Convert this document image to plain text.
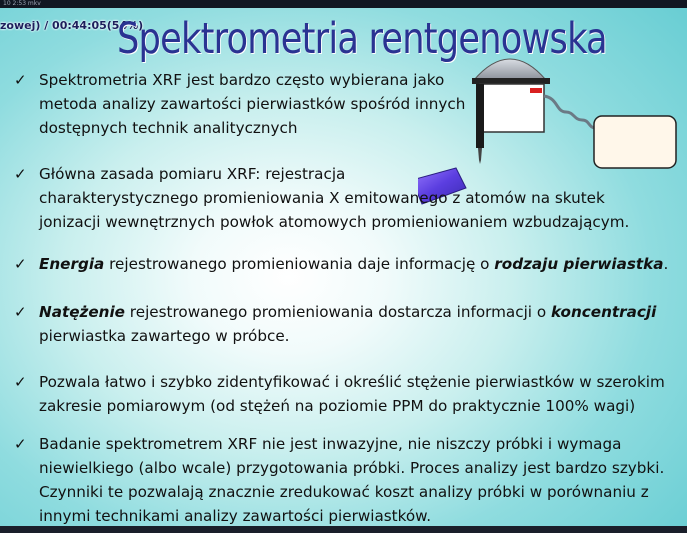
10 2:53 mkv
zowej) / 00:44:05(54%)
Spektrometria rentgenowska
✓ Spektrometria XRF jest bardzo często wybierana jako
metoda analizy zawartości pierwiastków spośród innych
dostępnych technik analitycznych
✓ Główna zasada pomiaru XRF: rejestracja
charakterystycznego promieniowania X emitowanego z atomów na skutek
jonizacji wewnętrznych powłok atomowych promieniowaniem wzbudzającym.
✓ Energia rejestrowanego promieniowania daje informację o rodzaju pierwiastka.
✓ Natężenie rejestrowanego promieniowania dostarcza informacji o koncentracji
pierwiastka zawartego w próbce.
✓ Pozwala łatwo i szybko zidentyfikować i określić stężenie pierwiastków w szerokim
zakresie pomiarowym (od stężeń na poziomie PPM do praktycznie 100% wagi)
✓ Badanie spektrometrem XRF nie jest inwazyjne, nie niszczy próbki i wymaga
niewielkiego (albo wcale) przygotowania próbki. Proces analizy jest bardzo szybki.
Czynniki te pozwalają znacznie zredukować koszt analizy próbki w porównaniu z
innymi technikami analizy zawartości pierwiastków.
